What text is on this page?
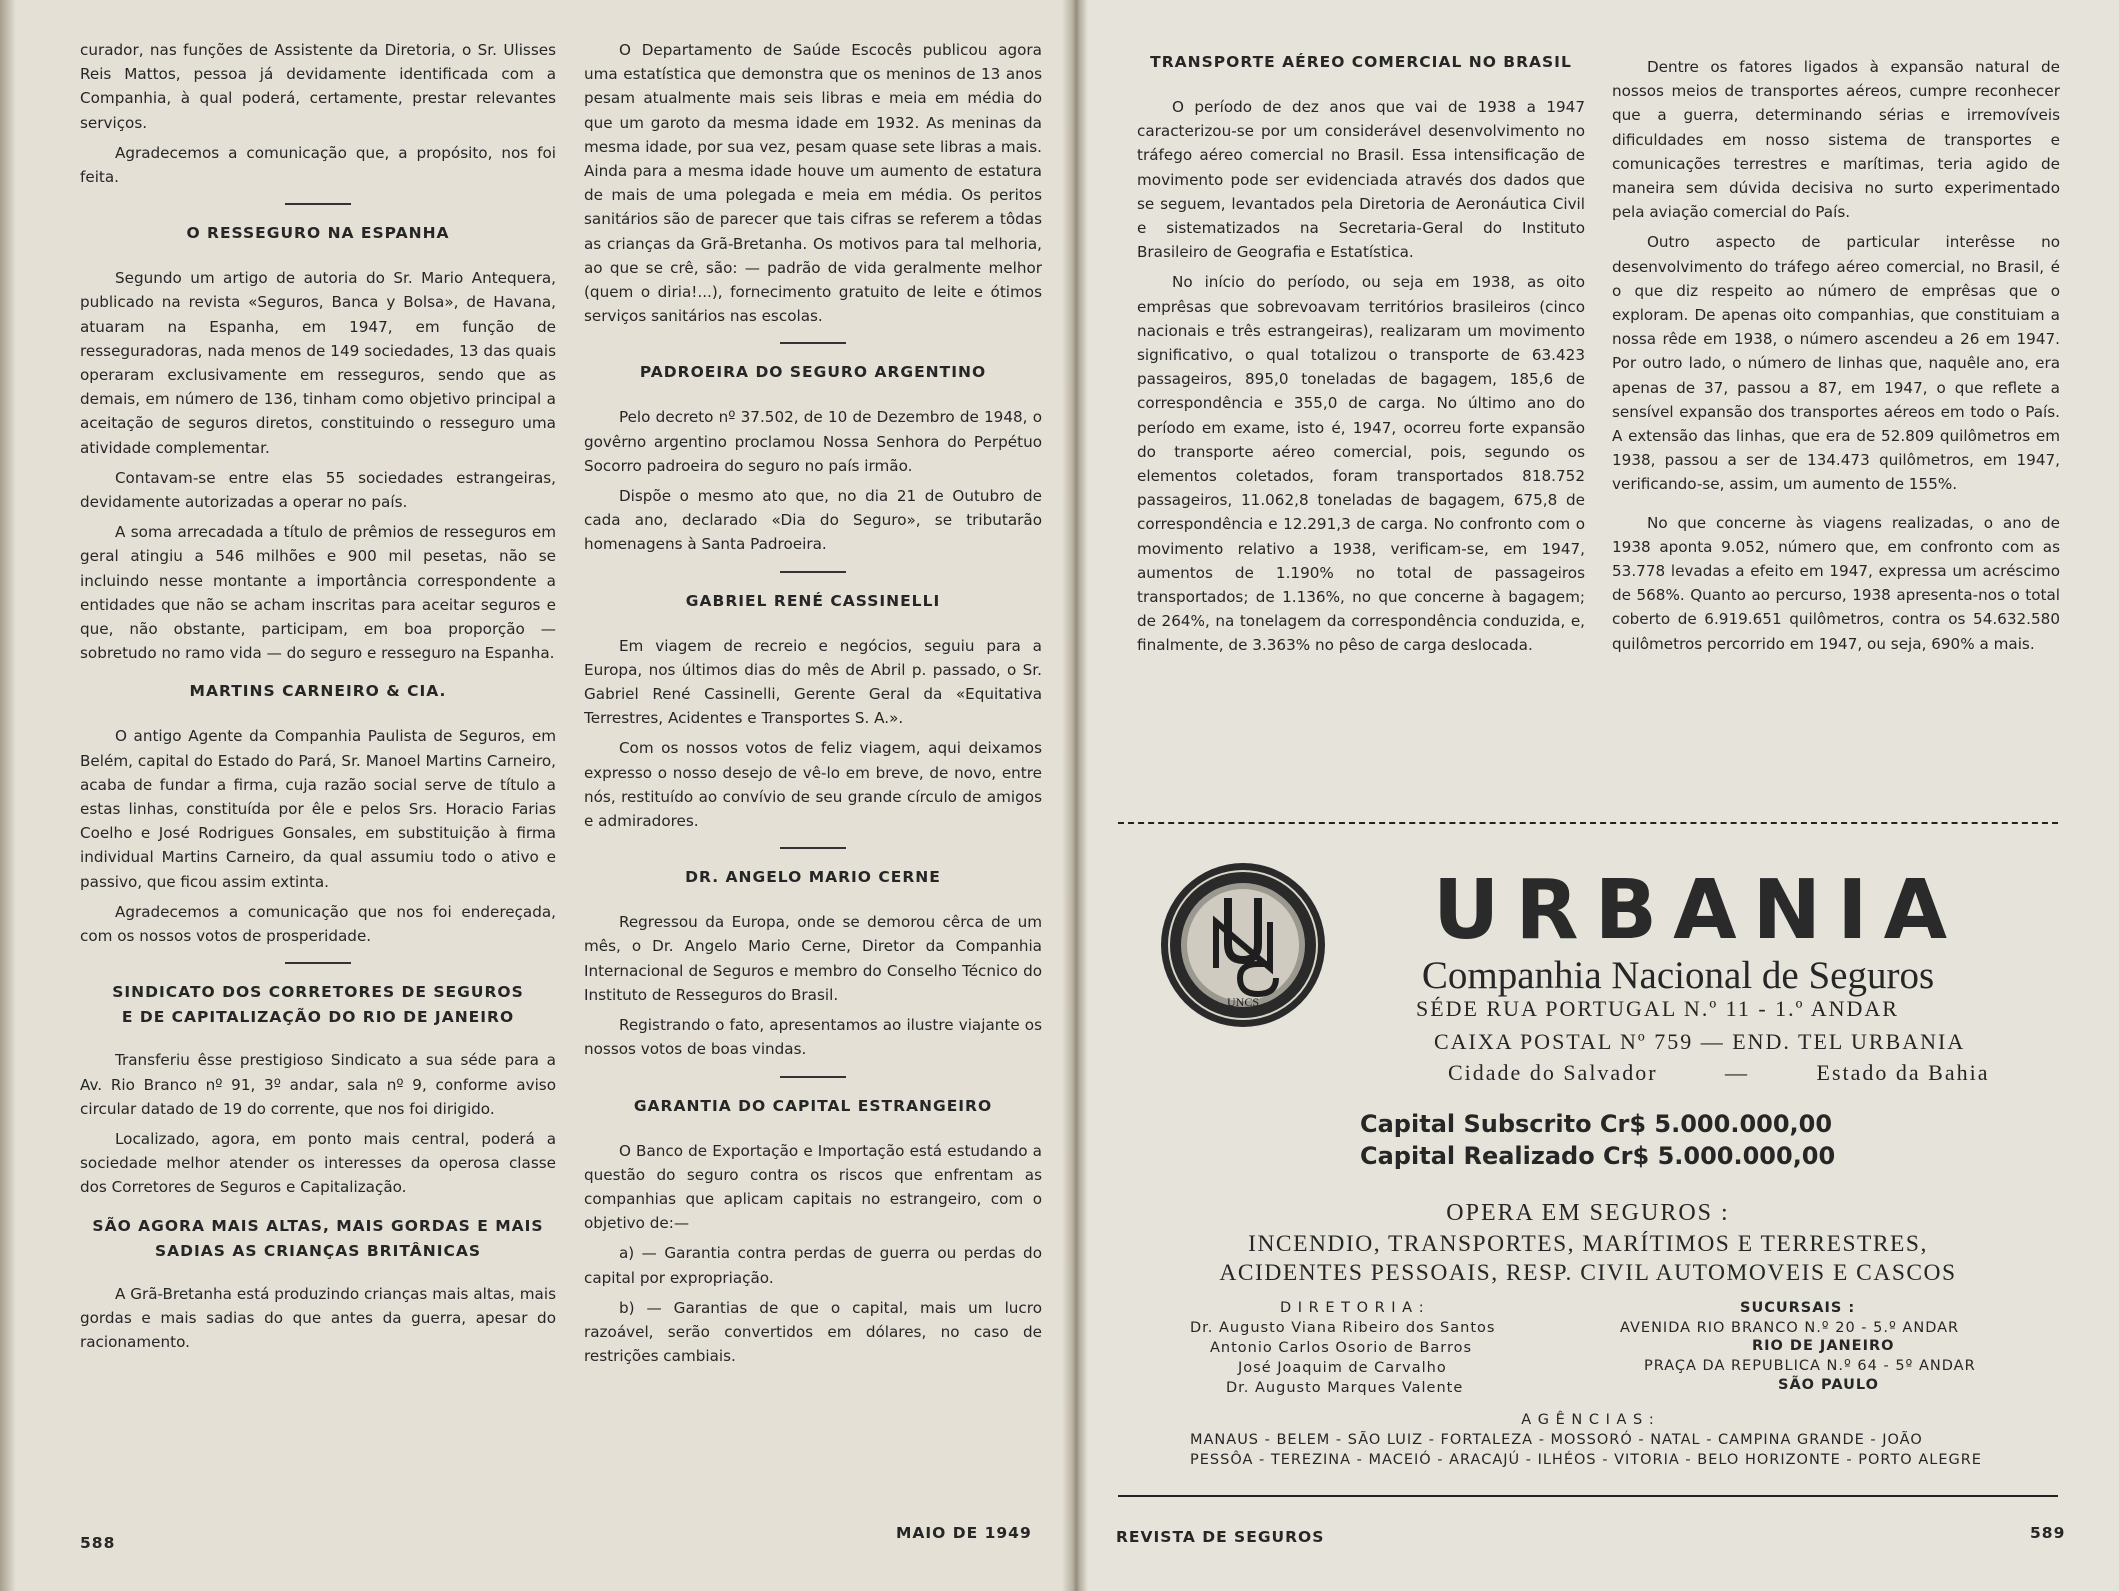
curador, nas funções de Assistente da Diretoria, o Sr. Ulisses Reis Mattos, pessoa já devidamente identificada com a Companhia, à qual poderá, certamente, prestar relevantes serviços.

Agradecemos a comunicação que, a propósito, nos foi feita.

O RESSEGURO NA ESPANHA

Segundo um artigo de autoria do Sr. Mario Antequera, publicado na revista «Seguros, Banca y Bolsa», de Havana, atuaram na Espanha, em 1947, em função de resseguradoras, nada menos de 149 sociedades, 13 das quais operaram exclusivamente em resseguros, sendo que as demais, em número de 136, tinham como objetivo principal a aceitação de seguros diretos, constituindo o resseguro uma atividade complementar.

Contavam-se entre elas 55 sociedades estrangeiras, devidamente autorizadas a operar no país.

A soma arrecadada a título de prêmios de resseguros em geral atingiu a 546 milhões e 900 mil pesetas, não se incluindo nesse montante a importância correspondente a entidades que não se acham inscritas para aceitar seguros e que, não obstante, participam, em boa proporção — sobretudo no ramo vida — do seguro e resseguro na Espanha.

MARTINS CARNEIRO & CIA.

O antigo Agente da Companhia Paulista de Seguros, em Belém, capital do Estado do Pará, Sr. Manoel Martins Carneiro, acaba de fundar a firma, cuja razão social serve de título a estas linhas, constituída por êle e pelos Srs. Horacio Farias Coelho e José Rodrigues Gonsales, em substituição à firma individual Martins Carneiro, da qual assumiu todo o ativo e passivo, que ficou assim extinta.

Agradecemos a comunicação que nos foi endereçada, com os nossos votos de prosperidade.

SINDICATO DOS CORRETORES DE SEGUROS
E DE CAPITALIZAÇÃO DO RIO DE JANEIRO

Transferiu êsse prestigioso Sindicato a sua séde para a Av. Rio Branco nº 91, 3º andar, sala nº 9, conforme aviso circular datado de 19 do corrente, que nos foi dirigido.

Localizado, agora, em ponto mais central, poderá a sociedade melhor atender os interesses da operosa classe dos Corretores de Seguros e Capitalização.

SÃO AGORA MAIS ALTAS, MAIS GORDAS E MAIS
SADIAS AS CRIANÇAS BRITÂNICAS

A Grã-Bretanha está produzindo crianças mais altas, mais gordas e mais sadias do que antes da guerra, apesar do racionamento.

O Departamento de Saúde Escocês publicou agora uma estatística que demonstra que os meninos de 13 anos pesam atualmente mais seis libras e meia em média do que um garoto da mesma idade em 1932. As meninas da mesma idade, por sua vez, pesam quase sete libras a mais. Ainda para a mesma idade houve um aumento de estatura de mais de uma polegada e meia em média. Os peritos sanitários são de parecer que tais cifras se referem a tôdas as crianças da Grã-Bretanha. Os motivos para tal melhoria, ao que se crê, são: — padrão de vida geralmente melhor (quem o diria!...), fornecimento gratuito de leite e ótimos serviços sanitários nas escolas.

PADROEIRA DO SEGURO ARGENTINO

Pelo decreto nº 37.502, de 10 de Dezembro de 1948, o govêrno argentino proclamou Nossa Senhora do Perpétuo Socorro padroeira do seguro no país irmão.

Dispõe o mesmo ato que, no dia 21 de Outubro de cada ano, declarado «Dia do Seguro», se tributarão homenagens à Santa Padroeira.

GABRIEL RENÉ CASSINELLI

Em viagem de recreio e negócios, seguiu para a Europa, nos últimos dias do mês de Abril p. passado, o Sr. Gabriel René Cassinelli, Gerente Geral da «Equitativa Terrestres, Acidentes e Transportes S. A.».

Com os nossos votos de feliz viagem, aqui deixamos expresso o nosso desejo de vê-lo em breve, de novo, entre nós, restituído ao convívio de seu grande círculo de amigos e admiradores.

DR. ANGELO MARIO CERNE

Regressou da Europa, onde se demorou cêrca de um mês, o Dr. Angelo Mario Cerne, Diretor da Companhia Internacional de Seguros e membro do Conselho Técnico do Instituto de Resseguros do Brasil.

Registrando o fato, apresentamos ao ilustre viajante os nossos votos de boas vindas.

GARANTIA DO CAPITAL ESTRANGEIRO

O Banco de Exportação e Importação está estudando a questão do seguro contra os riscos que enfrentam as companhias que aplicam capitais no estrangeiro, com o objetivo de:—

a) — Garantia contra perdas de guerra ou perdas do capital por expropriação.

b) — Garantias de que o capital, mais um lucro razoável, serão convertidos em dólares, no caso de restrições cambiais.

588
MAIO DE 1949
TRANSPORTE AÉREO COMERCIAL NO BRASIL

O período de dez anos que vai de 1938 a 1947 caracterizou-se por um considerável desenvolvimento no tráfego aéreo comercial no Brasil. Essa intensificação de movimento pode ser evidenciada através dos dados que se seguem, levantados pela Diretoria de Aeronáutica Civil e sistematizados na Secretaria-Geral do Instituto Brasileiro de Geografia e Estatística.

No início do período, ou seja em 1938, as oito emprêsas que sobrevoavam territórios brasileiros (cinco nacionais e três estrangeiras), realizaram um movimento significativo, o qual totalizou o transporte de 63.423 passageiros, 895,0 toneladas de bagagem, 185,6 de correspondência e 355,0 de carga. No último ano do período em exame, isto é, 1947, ocorreu forte expansão do transporte aéreo comercial, pois, segundo os elementos coletados, foram transportados 818.752 passageiros, 11.062,8 toneladas de bagagem, 675,8 de correspondência e 12.291,3 de carga. No confronto com o movimento relativo a 1938, verificam-se, em 1947, aumentos de 1.190% no total de passageiros transportados; de 1.136%, no que concerne à bagagem; de 264%, na tonelagem da correspondência conduzida, e, finalmente, de 3.363% no pêso de carga deslocada.

Dentre os fatores ligados à expansão natural de nossos meios de transportes aéreos, cumpre reconhecer que a guerra, determinando sérias e irremovíveis dificuldades em nosso sistema de transportes e comunicações terrestres e marítimas, teria agido de maneira sem dúvida decisiva no surto experimentado pela aviação comercial do País.

Outro aspecto de particular interêsse no desenvolvimento do tráfego aéreo comercial, no Brasil, é o que diz respeito ao número de emprêsas que o exploram. De apenas oito companhias, que constituiam a nossa rêde em 1938, o número ascendeu a 26 em 1947. Por outro lado, o número de linhas que, naquêle ano, era apenas de 37, passou a 87, em 1947, o que reflete a sensível expansão dos transportes aéreos em todo o País. A extensão das linhas, que era de 52.809 quilômetros em 1938, passou a ser de 134.473 quilômetros, em 1947, verificando-se, assim, um aumento de 155%.

No que concerne às viagens realizadas, o ano de 1938 aponta 9.052, número que, em confronto com as 53.778 levadas a efeito em 1947, expressa um acréscimo de 568%. Quanto ao percurso, 1938 apresenta-nos o total coberto de 6.919.651 quilômetros, contra os 54.632.580 quilômetros percorrido em 1947, ou seja, 690% a mais.

UNCS
URBANIA
Companhia Nacional de Seguros
SÉDE RUA PORTUGAL N.º 11 - 1.º ANDAR
CAIXA POSTAL Nº 759 — END. TEL URBANIA
Cidade do Salvador	—	Estado da Bahia
Capital Subscrito Cr$ 5.000.000,00
Capital Realizado Cr$ 5.000.000,00
OPERA EM SEGUROS :
INCENDIO, TRANSPORTES, MARÍTIMOS E TERRESTRES,
ACIDENTES PESSOAIS, RESP. CIVIL AUTOMOVEIS E CASCOS
D I R E T O R I A :
Dr. Augusto Viana Ribeiro dos Santos
Antonio Carlos Osorio de Barros
José Joaquim de Carvalho
Dr. Augusto Marques Valente
SUCURSAIS :
AVENIDA RIO BRANCO N.º 20 - 5.º ANDAR
RIO DE JANEIRO
PRAÇA DA REPUBLICA N.º 64 - 5º ANDAR
SÃO PAULO
A G Ê N C I A S :
MANAUS - BELEM - SÃO LUIZ - FORTALEZA - MOSSORÓ - NATAL - CAMPINA GRANDE - JOÃO
PESSÔA - TEREZINA - MACEIÓ - ARACAJÚ - ILHÉOS - VITORIA - BELO HORIZONTE - PORTO ALEGRE
REVISTA DE SEGUROS	589
